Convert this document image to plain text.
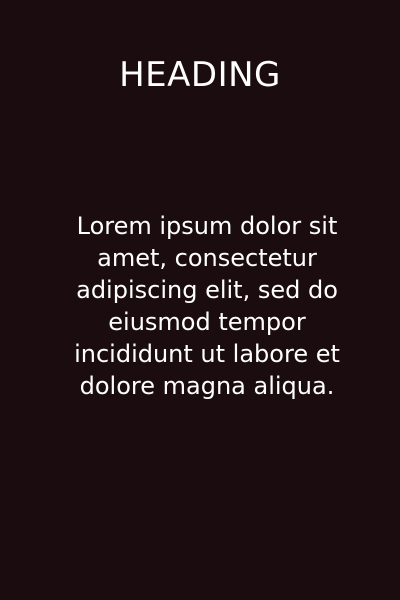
HEADING

Lorem ipsum dolor sit amet, consectetur adipiscing elit, sed do eiusmod tempor incididunt ut labore et dolore magna aliqua.
